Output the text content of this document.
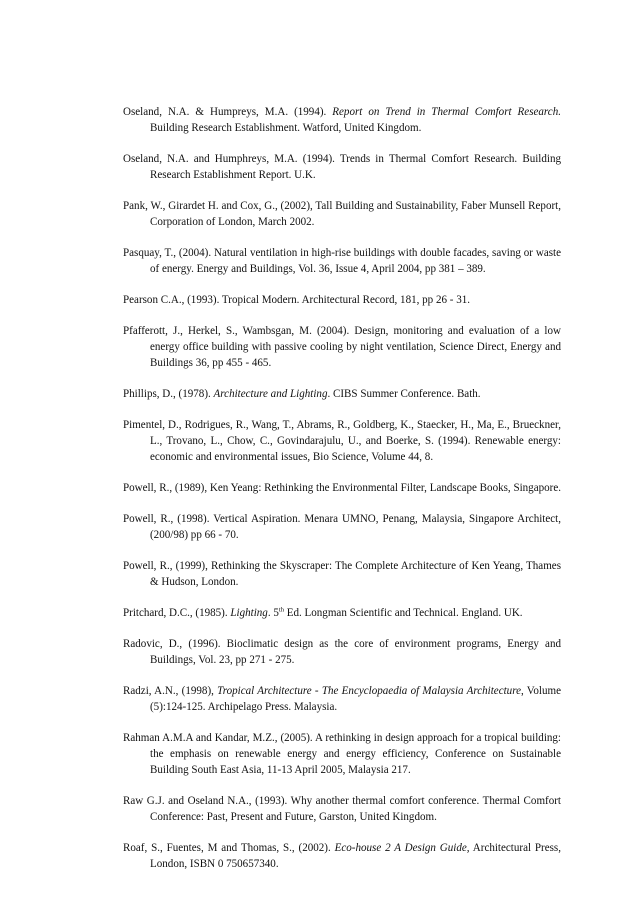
Oseland, N.A. & Humpreys, M.A. (1994). Report on Trend in Thermal Comfort Research. Building Research Establishment. Watford, United Kingdom.

Oseland, N.A. and Humphreys, M.A. (1994). Trends in Thermal Comfort Research. Building Research Establishment Report. U.K.

Pank, W., Girardet H. and Cox, G., (2002), Tall Building and Sustainability, Faber Munsell Report, Corporation of London, March 2002.

Pasquay, T., (2004). Natural ventilation in high-rise buildings with double facades, saving or waste of energy. Energy and Buildings, Vol. 36, Issue 4, April 2004, pp 381 – 389.

Pearson C.A., (1993). Tropical Modern. Architectural Record, 181, pp 26 - 31.

Pfafferott, J., Herkel, S., Wambsgan, M. (2004). Design, monitoring and evaluation of a low energy office building with passive cooling by night ventilation, Science Direct, Energy and Buildings 36, pp 455 - 465.

Phillips, D., (1978). Architecture and Lighting. CIBS Summer Conference. Bath.

Pimentel, D., Rodrigues, R., Wang, T., Abrams, R., Goldberg, K., Staecker, H., Ma, E., Brueckner, L., Trovano, L., Chow, C., Govindarajulu, U., and Boerke, S. (1994). Renewable energy: economic and environmental issues, Bio Science, Volume 44, 8.

Powell, R., (1989), Ken Yeang: Rethinking the Environmental Filter, Landscape Books, Singapore.

Powell, R., (1998). Vertical Aspiration. Menara UMNO, Penang, Malaysia, Singapore Architect, (200/98) pp 66 - 70.

Powell, R., (1999), Rethinking the Skyscraper: The Complete Architecture of Ken Yeang, Thames & Hudson, London.

Pritchard, D.C., (1985). Lighting. 5th Ed. Longman Scientific and Technical. England. UK.

Radovic, D., (1996). Bioclimatic design as the core of environment programs, Energy and Buildings, Vol. 23, pp 271 - 275.

Radzi, A.N., (1998), Tropical Architecture - The Encyclopaedia of Malaysia Architecture, Volume (5):124-125. Archipelago Press. Malaysia.

Rahman A.M.A and Kandar, M.Z., (2005). A rethinking in design approach for a tropical building: the emphasis on renewable energy and energy efficiency, Conference on Sustainable Building South East Asia, 11-13 April 2005, Malaysia 217.

Raw G.J. and Oseland N.A., (1993). Why another thermal comfort conference. Thermal Comfort Conference: Past, Present and Future, Garston, United Kingdom.

Roaf, S., Fuentes, M and Thomas, S., (2002). Eco-house 2 A Design Guide, Architectural Press, London, ISBN 0 750657340.
